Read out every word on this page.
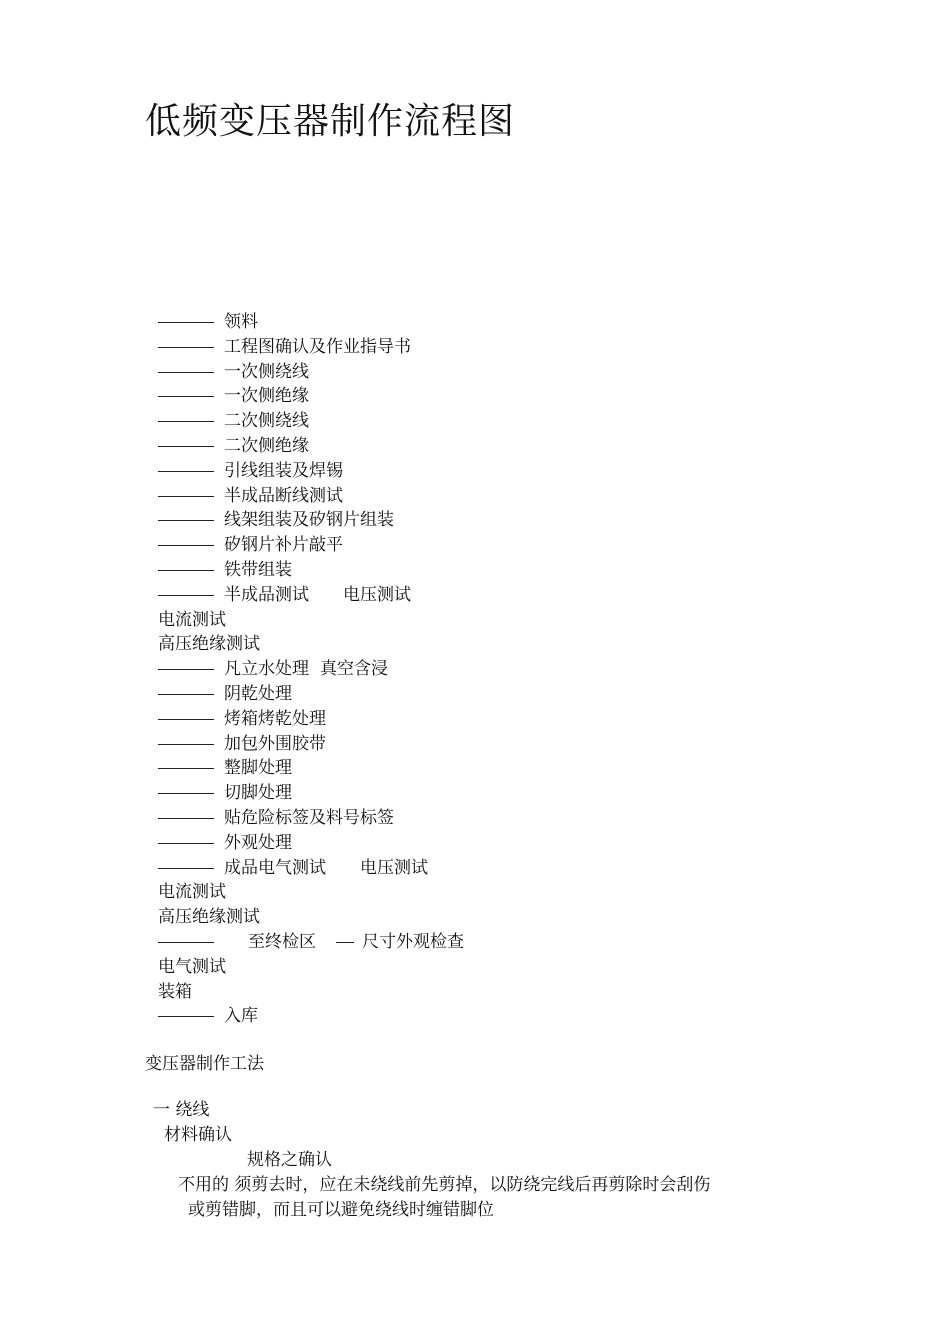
低频变压器制作流程图
领料
工程图确认及作业指导书
一次侧绕线
一次侧绝缘
二次侧绕线
二次侧绝缘
引线组装及焊锡
半成品断线测试
线架组装及矽钢片组装
矽钢片补片敲平
铁带组装
半成品测试 电压测试
电流测试
高压绝缘测试
凡立水处理 真空含浸
阴乾处理
烤箱烤乾处理
加包外围胶带
整脚处理
切脚处理
贴危险标签及料号标签
外观处理
成品电气测试 电压测试
电流测试
高压绝缘测试
至终检区	尺寸外观检查
电气测试
装箱
入库
变压器制作工法

一 绕线

材料确认

规格之确认

不用的 须剪去时，应在未绕线前先剪掉，以防绕完线后再剪除时会刮伤

或剪错脚，而且可以避免绕线时缠错脚位
